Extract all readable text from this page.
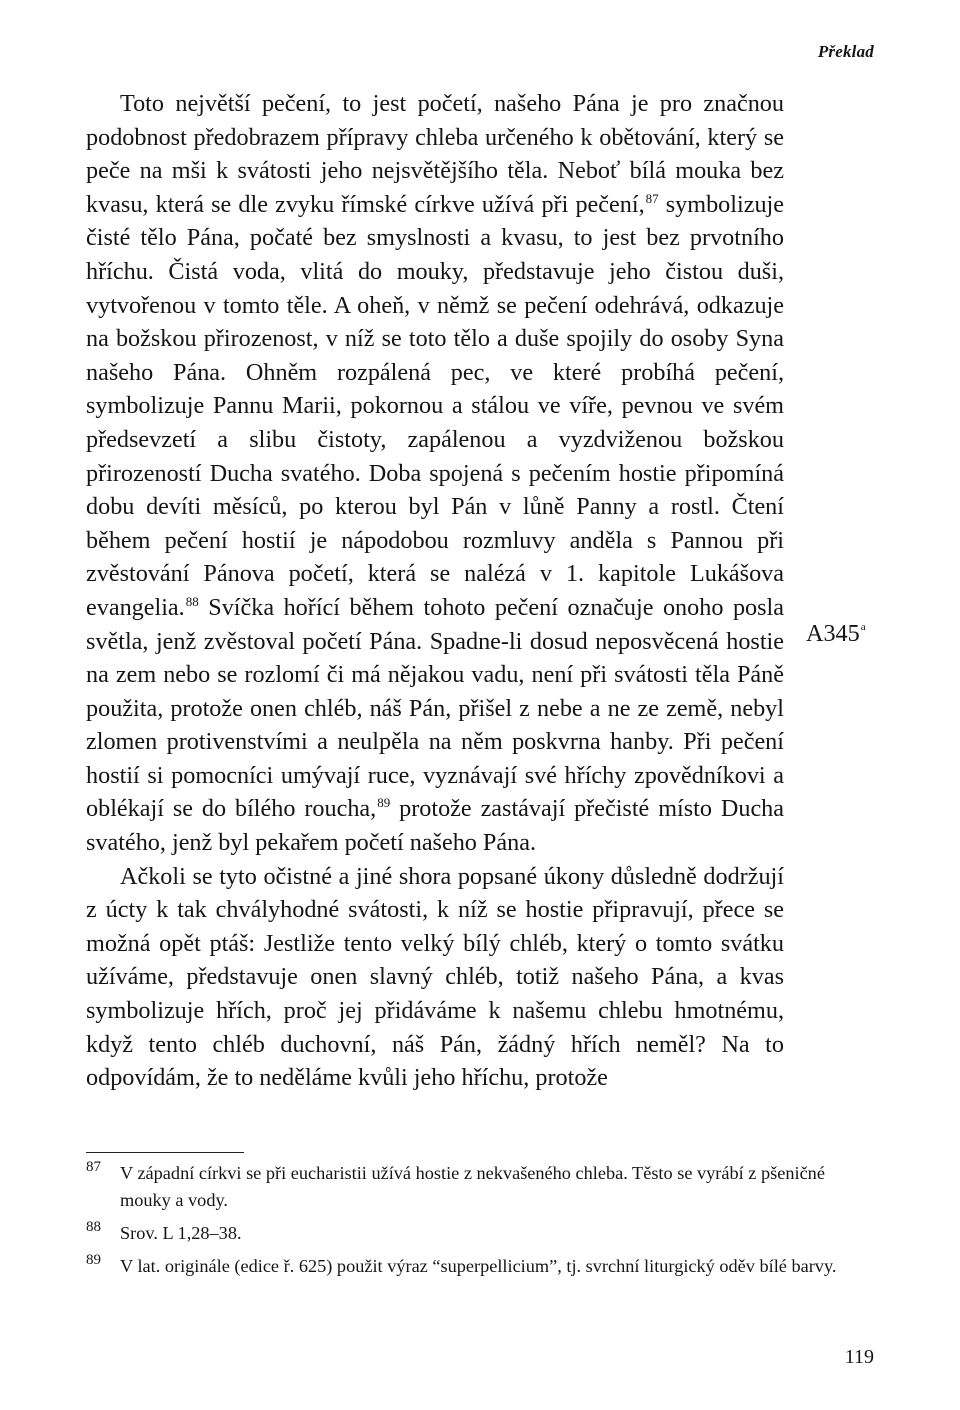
Překlad

Toto největší pečení, to jest početí, našeho Pána je pro značnou podobnost předobrazem přípravy chleba určeného k obětování, který se peče na mši k svátosti jeho nejsvětějšího těla. Neboť bílá mouka bez kvasu, která se dle zvyku římské církve užívá při pečení,$^{87}$ symbolizuje čisté tělo Pána, počaté bez smyslnosti a kvasu, to jest bez prvotního hříchu. Čistá voda, vlitá do mouky, představuje jeho čistou duši, vytvořenou v tomto těle. A oheň, v němž se pečení odehrává, odkazuje na božskou přirozenost, v níž se toto tělo a duše spojily do osoby Syna našeho Pána. Ohněm rozpálená pec, ve které probíhá pečení, symbolizuje Pannu Marii, pokornou a stálou ve víře, pevnou ve svém předsevzetí a slibu čistoty, zapálenou a vyzdviženou božskou přirozeností Ducha svatého. Doba spojená s pečením hostie připomíná dobu devíti měsíců, po kterou byl Pán v lůně Panny a rostl. Čtení během pečení hostií je nápodobou rozmluvy anděla s Pannou při zvěstování Pánova početí, která se nalézá v 1. kapitole Lukášova evangelia.$^{88}$ Svíčka hořící během tohoto pečení označuje onoho posla světla, jenž zvěstoval početí Pána. Spadne-li dosud neposvěcená hostie na zem nebo se rozlomí či má nějakou vadu, není při svátosti těla Páně použita, protože onen chléb, náš Pán, přišel z nebe a ne ze země, nebyl zlomen protivenstvími a neulpěla na něm poskvrna hanby. Při pečení hostií si pomocníci umývají ruce, vyznávají své hříchy zpovědníkovi a oblékají se do bílého roucha,$^{89}$ protože zastávají přečisté místo Ducha svatého, jenž byl pekařem početí našeho Pána.

Ačkoli se tyto očistné a jiné shora popsané úkony důsledně dodržují z úcty k tak chvályhodné svátosti, k níž se hostie připravují, přece se možná opět ptáš: Jestliže tento velký bílý chléb, který o tomto svátku užíváme, představuje onen slavný chléb, totiž našeho Pána, a kvas symbolizuje hřích, proč jej přidáváme k našemu chlebu hmotnému, když tento chléb duchovní, náš Pán, žádný hřích neměl? Na to odpovídám, že to neděláme kvůli jeho hříchu, protože

A345$^a$
87	V západní církvi se při eucharistii užívá hostie z nekvašeného chleba. Těsto se vyrábí z pšeničné mouky a vody.
88	Srov. L 1,28–38.
89	V lat. originále (edice ř. 625) použit výraz “superpellicium”, tj. svrchní liturgický oděv bílé barvy.
119
